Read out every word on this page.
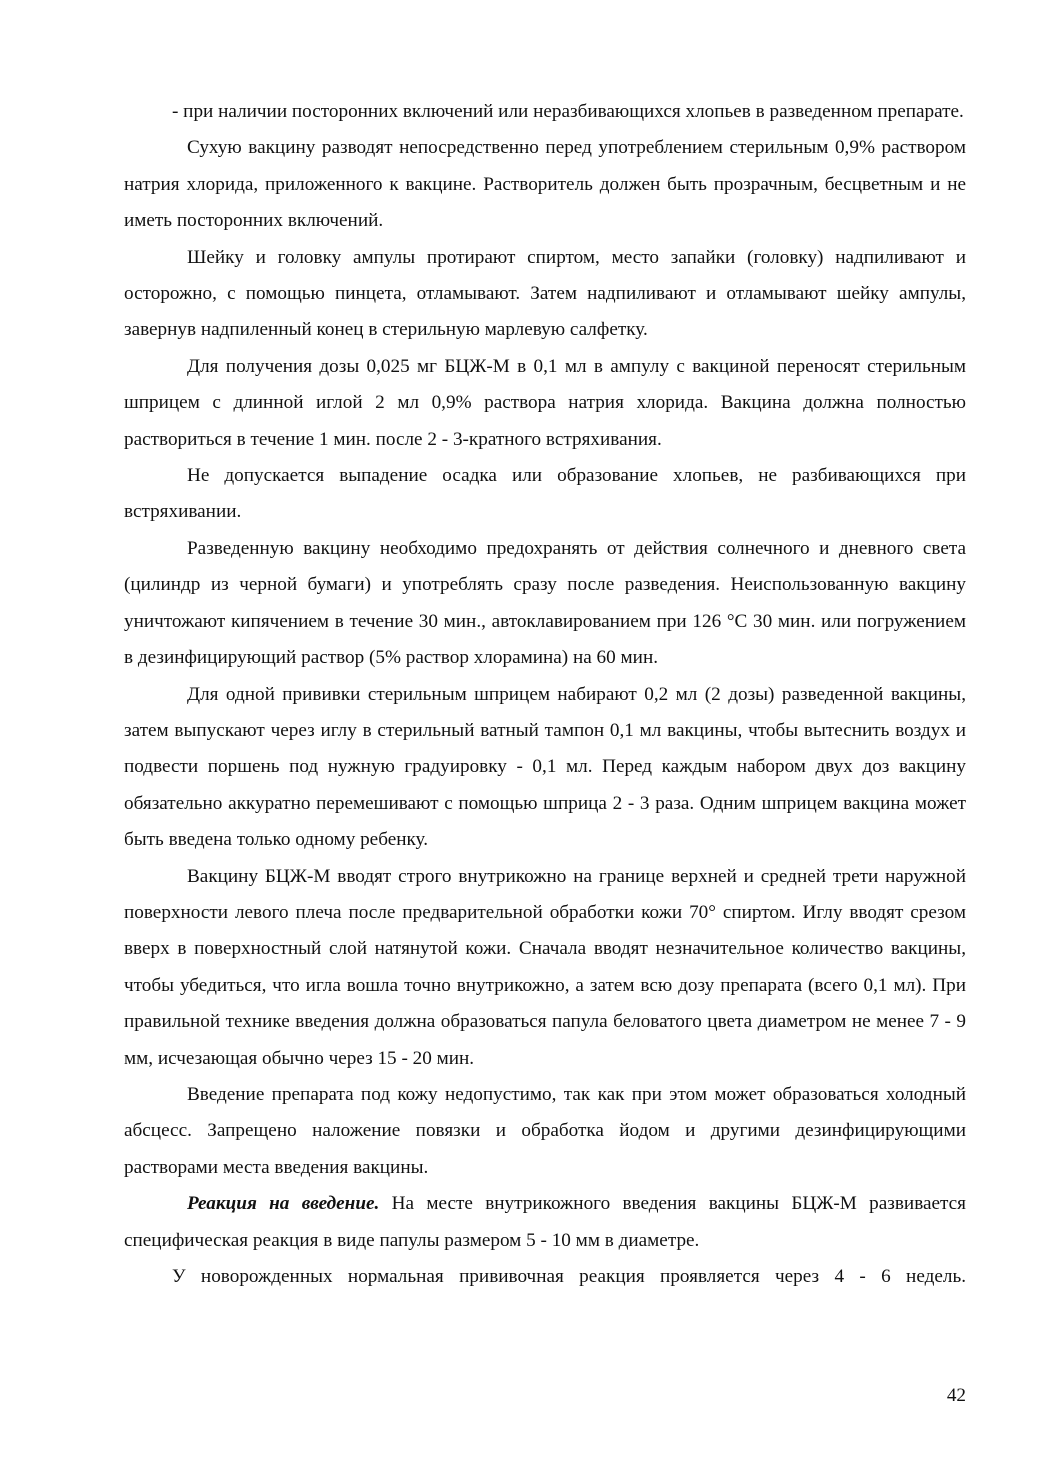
- при наличии посторонних включений или неразбивающихся хлопьев в разведенном препарате.

Сухую вакцину разводят непосредственно перед употреблением стерильным 0,9% раствором натрия хлорида, приложенного к вакцине. Растворитель должен быть прозрачным, бесцветным и не иметь посторонних включений.

Шейку и головку ампулы протирают спиртом, место запайки (головку) надпиливают и осторожно, с помощью пинцета, отламывают. Затем надпиливают и отламывают шейку ампулы, завернув надпиленный конец в стерильную марлевую салфетку.

Для получения дозы 0,025 мг БЦЖ-М в 0,1 мл в ампулу с вакциной переносят стерильным шприцем с длинной иглой 2 мл 0,9% раствора натрия хлорида. Вакцина должна полностью раствориться в течение 1 мин. после 2 - 3-кратного встряхивания.

Не допускается выпадение осадка или образование хлопьев, не разбивающихся при встряхивании.

Разведенную вакцину необходимо предохранять от действия солнечного и дневного света (цилиндр из черной бумаги) и употреблять сразу после разведения. Неиспользованную вакцину уничтожают кипячением в течение 30 мин., автоклавированием при 126 °С 30 мин. или погружением в дезинфицирующий раствор (5% раствор хлорамина) на 60 мин.

Для одной прививки стерильным шприцем набирают 0,2 мл (2 дозы) разведенной вакцины, затем выпускают через иглу в стерильный ватный тампон 0,1 мл вакцины, чтобы вытеснить воздух и подвести поршень под нужную градуировку - 0,1 мл. Перед каждым набором двух доз вакцину обязательно аккуратно перемешивают с помощью шприца 2 - 3 раза. Одним шприцем вакцина может быть введена только одному ребенку.

Вакцину БЦЖ-М вводят строго внутрикожно на границе верхней и средней трети наружной поверхности левого плеча после предварительной обработки кожи 70° спиртом. Иглу вводят срезом вверх в поверхностный слой натянутой кожи. Сначала вводят незначительное количество вакцины, чтобы убедиться, что игла вошла точно внутрикожно, а затем всю дозу препарата (всего 0,1 мл). При правильной технике введения должна образоваться папула беловатого цвета диаметром не менее 7 - 9 мм, исчезающая обычно через 15 - 20 мин.

Введение препарата под кожу недопустимо, так как при этом может образоваться холодный абсцесс. Запрещено наложение повязки и обработка йодом и другими дезинфицирующими растворами места введения вакцины.

Реакция на введение. На месте внутрикожного введения вакцины БЦЖ-М развивается специфическая реакция в виде папулы размером 5 - 10 мм в диаметре.

У новорожденных нормальная прививочная реакция проявляется через 4 - 6 недель.

42
